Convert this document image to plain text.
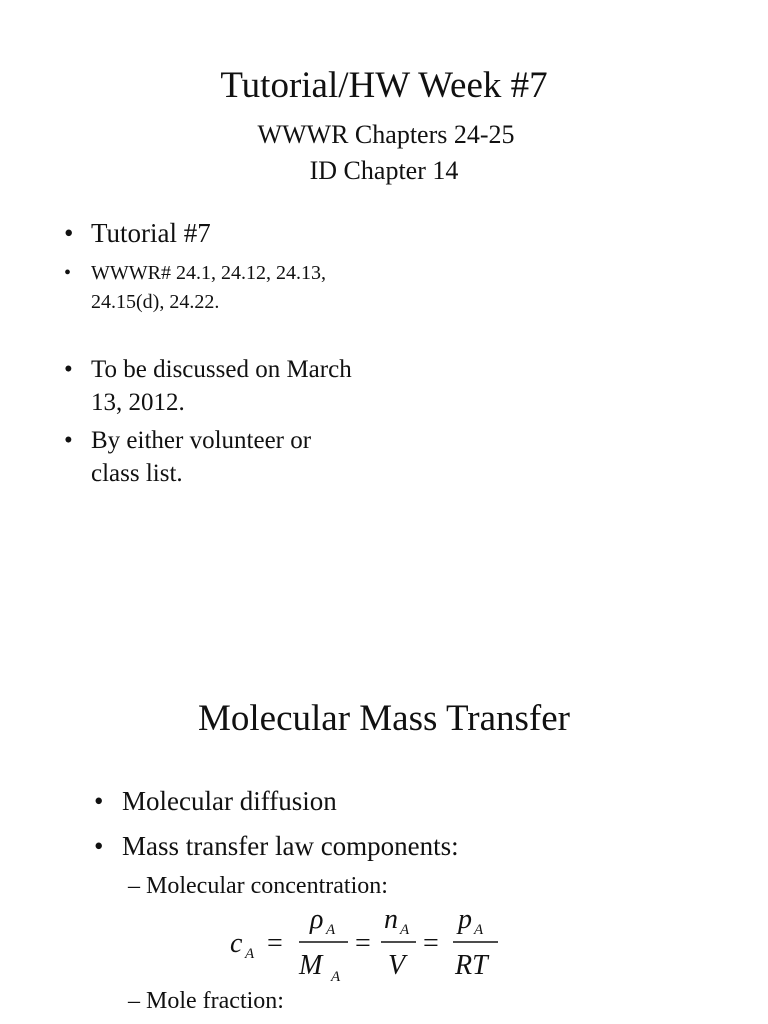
Tutorial/HW Week #7
WWWR Chapters 24-25
ID Chapter 14
• Tutorial #7
• WWWR# 24.1, 24.12, 24.13,
24.15(d), 24.22.
• To be discussed on March
13, 2012.
• By either volunteer or
class list.
Molecular Mass Transfer
• Molecular diffusion
• Mass transfer law components:
– Molecular concentration:
c A =
ρ A
M A
=
n A
V
=
p A
RT
– Mole fraction:
